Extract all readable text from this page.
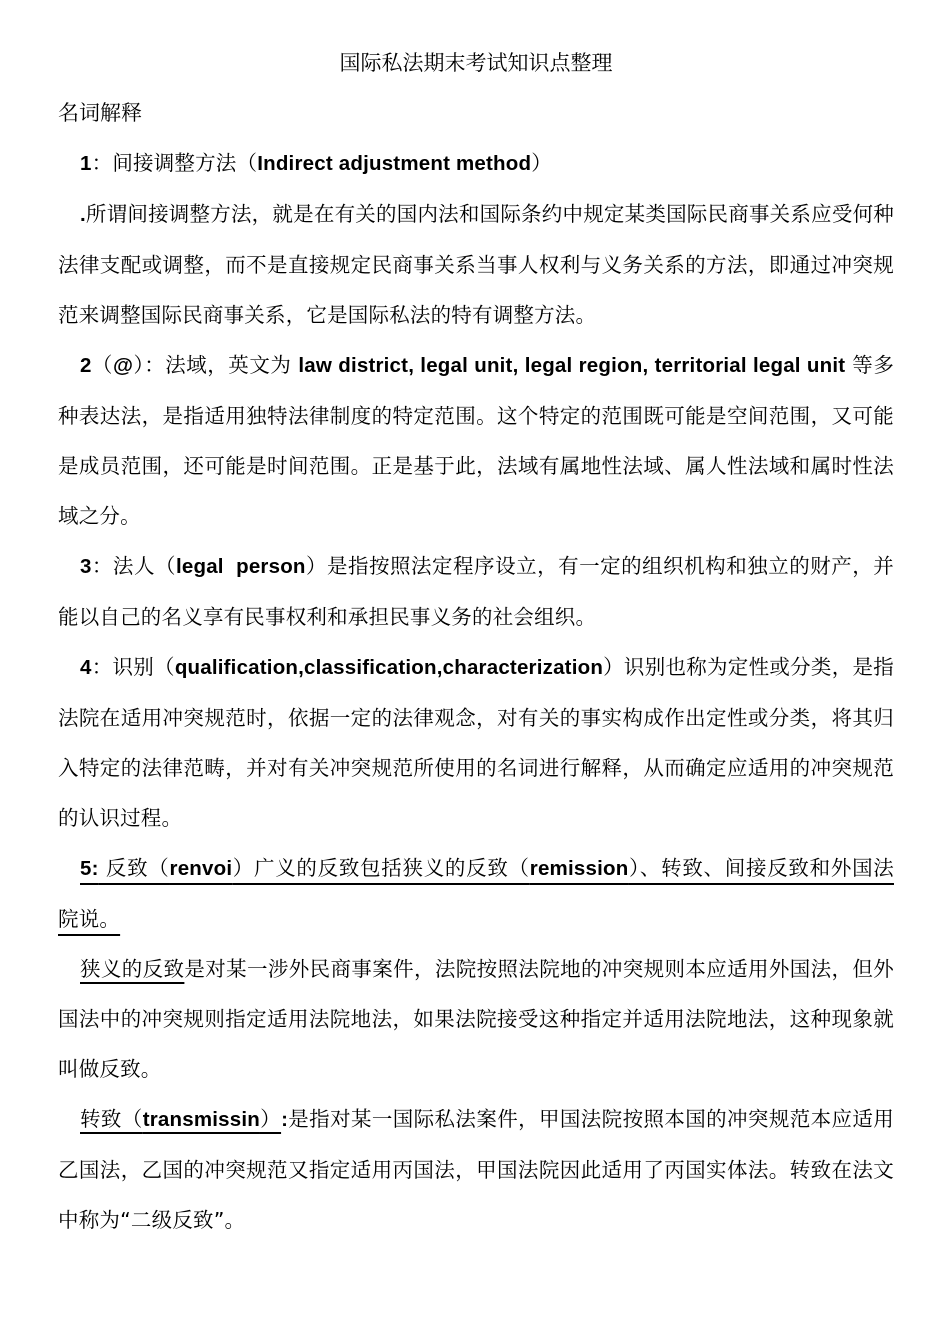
国际私法期末考试知识点整理

名词解释

1：间接调整方法（Indirect adjustment method）

.所谓间接调整方法，就是在有关的国内法和国际条约中规定某类国际民商事关系应受何种法律支配或调整，而不是直接规定民商事关系当事人权利与义务关系的方法，即通过冲突规范来调整国际民商事关系，它是国际私法的特有调整方法。

2（@）：法域，英文为 law district, legal unit, legal region, territorial legal unit 等多种表达法，是指适用独特法律制度的特定范围。这个特定的范围既可能是空间范围，又可能是成员范围，还可能是时间范围。正是基于此，法域有属地性法域、属人性法域和属时性法域之分。

3：法人（legal  person）是指按照法定程序设立，有一定的组织机构和独立的财产，并能以自己的名义享有民事权利和承担民事义务的社会组织。

4：识别（qualification,classification,characterization）识别也称为定性或分类，是指法院在适用冲突规范时，依据一定的法律观念，对有关的事实构成作出定性或分类，将其归入特定的法律范畴，并对有关冲突规范所使用的名词进行解释，从而确定应适用的冲突规范的认识过程。

5: 反致（renvoi）广义的反致包括狭义的反致（remission）、转致、间接反致和外国法院说。

狭义的反致是对某一涉外民商事案件，法院按照法院地的冲突规则本应适用外国法，但外国法中的冲突规则指定适用法院地法，如果法院接受这种指定并适用法院地法，这种现象就叫做反致。

转致（transmissin）:是指对某一国际私法案件，甲国法院按照本国的冲突规范本应适用乙国法，乙国的冲突规范又指定适用丙国法，甲国法院因此适用了丙国实体法。转致在法文中称为“二级反致”。
